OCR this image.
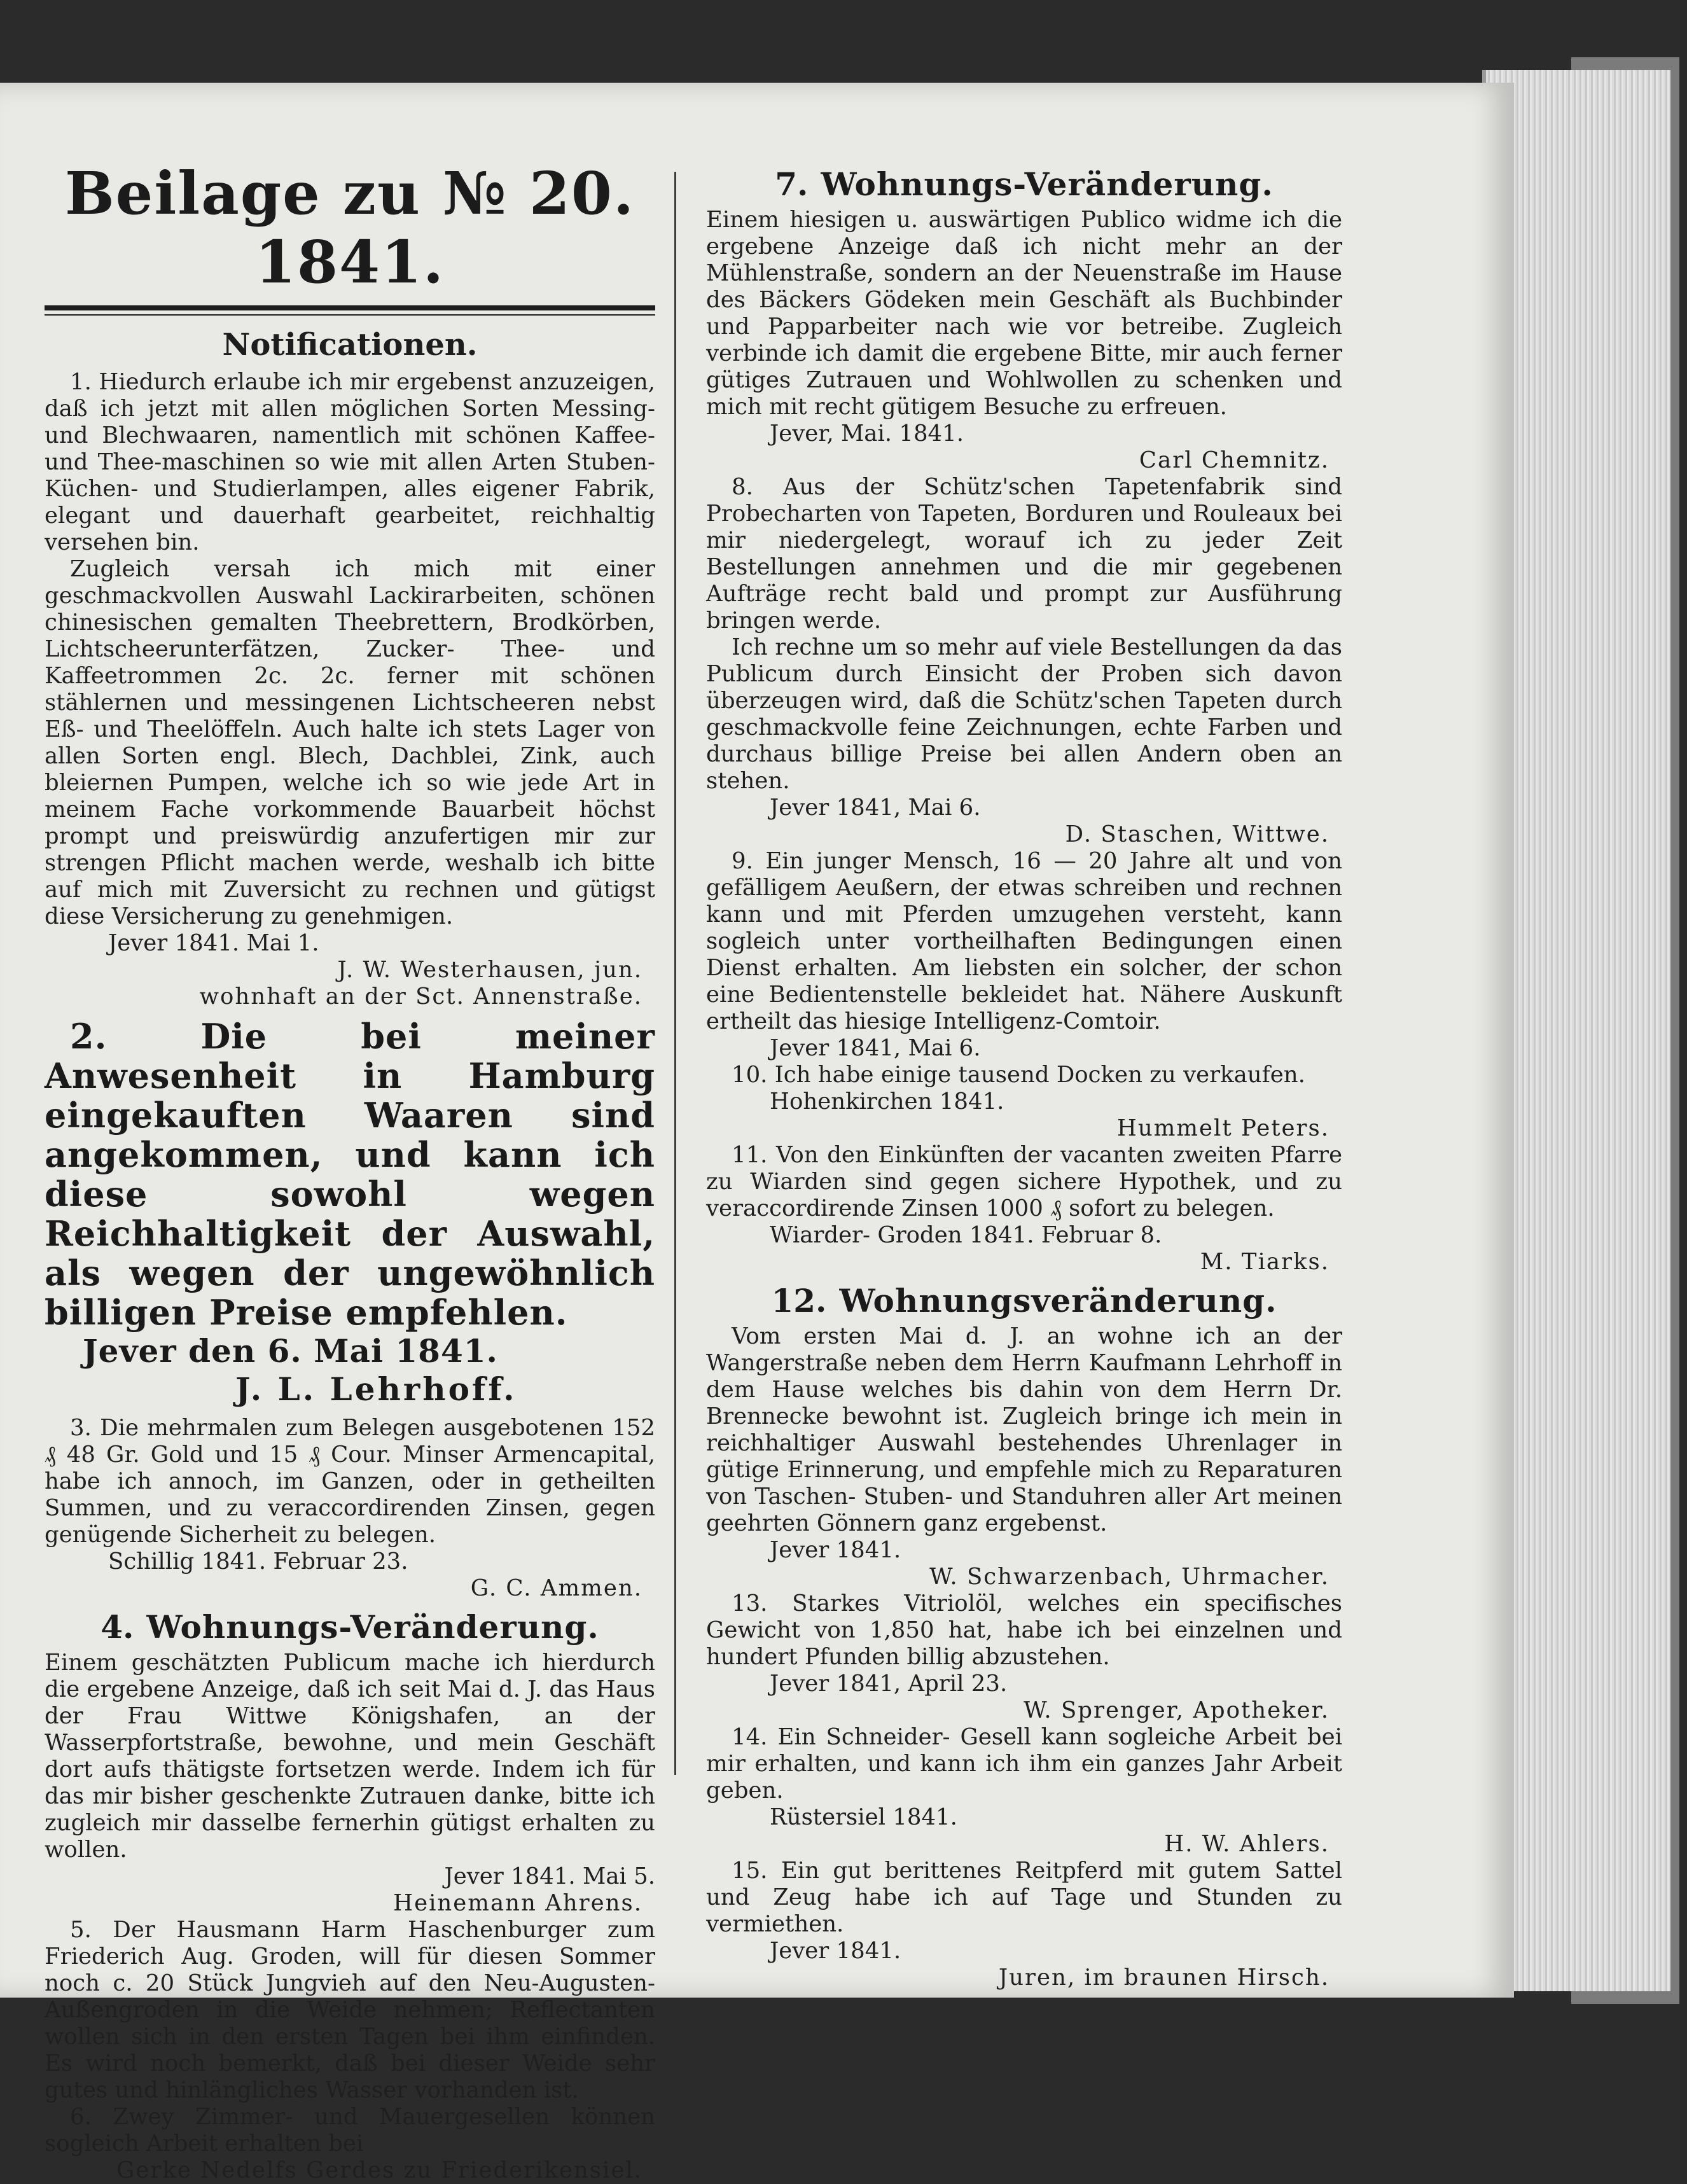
Beilage zu № 20. 1841.
Notificationen.

1. Hiedurch erlaube ich mir ergebenst anzuzeigen, daß ich jetzt mit allen möglichen Sorten Messing- und Blechwaaren, namentlich mit schönen Kaffee- und Thee-maschinen so wie mit allen Arten Stuben- Küchen- und Studierlampen, alles eigener Fabrik, elegant und dauerhaft gearbeitet, reichhaltig versehen bin.

Zugleich versah ich mich mit einer geschmackvollen Auswahl Lackirarbeiten, schönen chinesischen gemalten Theebrettern, Brodkörben, Lichtscheerunterfätzen, Zucker- Thee- und Kaffeetrommen 2c. 2c. ferner mit schönen stählernen und messingenen Lichtscheeren nebst Eß- und Theelöffeln. Auch halte ich stets Lager von allen Sorten engl. Blech, Dachblei, Zink, auch bleiernen Pumpen, welche ich so wie jede Art in meinem Fache vorkommende Bauarbeit höchst prompt und preiswürdig anzufertigen mir zur strengen Pflicht machen werde, weshalb ich bitte auf mich mit Zuversicht zu rechnen und gütigst diese Versicherung zu genehmigen.

Jever 1841. Mai 1.

J. W. Westerhausen, jun.

wohnhaft an der Sct. Annenstraße.

2. Die bei meiner Anwesenheit in Hamburg eingekauften Waaren sind angekommen, und kann ich diese sowohl wegen Reichhaltigkeit der Auswahl, als wegen der ungewöhnlich billigen Preise empfehlen.

Jever den 6. Mai 1841.

J. L. Lehrhoff.

3. Die mehrmalen zum Belegen ausgebotenen 152 ₰ 48 Gr. Gold und 15 ₰ Cour. Minser Armencapital, habe ich annoch, im Ganzen, oder in getheilten Summen, und zu veraccordirenden Zinsen, gegen genügende Sicherheit zu belegen.

Schillig 1841. Februar 23.

G. C. Ammen.

4. Wohnungs-Veränderung.

Einem geschätzten Publicum mache ich hierdurch die ergebene Anzeige, daß ich seit Mai d. J. das Haus der Frau Wittwe Königshafen, an der Wasserpfortstraße, bewohne, und mein Geschäft dort aufs thätigste fortsetzen werde. Indem ich für das mir bisher geschenkte Zutrauen danke, bitte ich zugleich mir dasselbe fernerhin gütigst erhalten zu wollen.

Jever 1841. Mai 5.

Heinemann Ahrens.

5. Der Hausmann Harm Haschenburger zum Friederich Aug. Groden, will für diesen Sommer noch c. 20 Stück Jungvieh auf den Neu-Augusten- Außengroden in die Weide nehmen; Reflectanten wollen sich in den ersten Tagen bei ihm einfinden. Es wird noch bemerkt, daß bei dieser Weide sehr gutes und hinlängliches Wasser vorhanden ist.

6. Zwey Zimmer- und Mauergesellen können sogleich Arbeit erhalten bei

Gerke Nedelfs Gerdes zu Friederikensiel.

7. Wohnungs-Veränderung.

Einem hiesigen u. auswärtigen Publico widme ich die ergebene Anzeige daß ich nicht mehr an der Mühlenstraße, sondern an der Neuenstraße im Hause des Bäckers Gödeken mein Geschäft als Buchbinder und Papparbeiter nach wie vor betreibe. Zugleich verbinde ich damit die ergebene Bitte, mir auch ferner gütiges Zutrauen und Wohlwollen zu schenken und mich mit recht gütigem Besuche zu erfreuen.

Jever, Mai. 1841.

Carl Chemnitz.

8. Aus der Schütz'schen Tapetenfabrik sind Probecharten von Tapeten, Borduren und Rouleaux bei mir niedergelegt, worauf ich zu jeder Zeit Bestellungen annehmen und die mir gegebenen Aufträge recht bald und prompt zur Ausführung bringen werde.

Ich rechne um so mehr auf viele Bestellungen da das Publicum durch Einsicht der Proben sich davon überzeugen wird, daß die Schütz'schen Tapeten durch geschmackvolle feine Zeichnungen, echte Farben und durchaus billige Preise bei allen Andern oben an stehen.

Jever 1841, Mai 6.

D. Staschen, Wittwe.

9. Ein junger Mensch, 16 — 20 Jahre alt und von gefälligem Aeußern, der etwas schreiben und rechnen kann und mit Pferden umzugehen versteht, kann sogleich unter vortheilhaften Bedingungen einen Dienst erhalten. Am liebsten ein solcher, der schon eine Bedientenstelle bekleidet hat. Nähere Auskunft ertheilt das hiesige Intelligenz-Comtoir.

Jever 1841, Mai 6.

10. Ich habe einige tausend Docken zu verkaufen.

Hohenkirchen 1841.

Hummelt Peters.

11. Von den Einkünften der vacanten zweiten Pfarre zu Wiarden sind gegen sichere Hypothek, und zu veraccordirende Zinsen 1000 ₰ sofort zu belegen.

Wiarder- Groden 1841. Februar 8.

M. Tiarks.

12. Wohnungsveränderung.

Vom ersten Mai d. J. an wohne ich an der Wangerstraße neben dem Herrn Kaufmann Lehrhoff in dem Hause welches bis dahin von dem Herrn Dr. Brennecke bewohnt ist. Zugleich bringe ich mein in reichhaltiger Auswahl bestehendes Uhrenlager in gütige Erinnerung, und empfehle mich zu Reparaturen von Taschen- Stuben- und Standuhren aller Art meinen geehrten Gönnern ganz ergebenst.

Jever 1841.

W. Schwarzenbach, Uhrmacher.

13. Starkes Vitriolöl, welches ein specifisches Gewicht von 1,850 hat, habe ich bei einzelnen und hundert Pfunden billig abzustehen.

Jever 1841, April 23.

W. Sprenger, Apotheker.

14. Ein Schneider- Gesell kann sogleiche Arbeit bei mir erhalten, und kann ich ihm ein ganzes Jahr Arbeit geben.

Rüstersiel 1841.

H. W. Ahlers.

15. Ein gut berittenes Reitpferd mit gutem Sattel und Zeug habe ich auf Tage und Stunden zu vermiethen.

Jever 1841.

Juren, im braunen Hirsch.
